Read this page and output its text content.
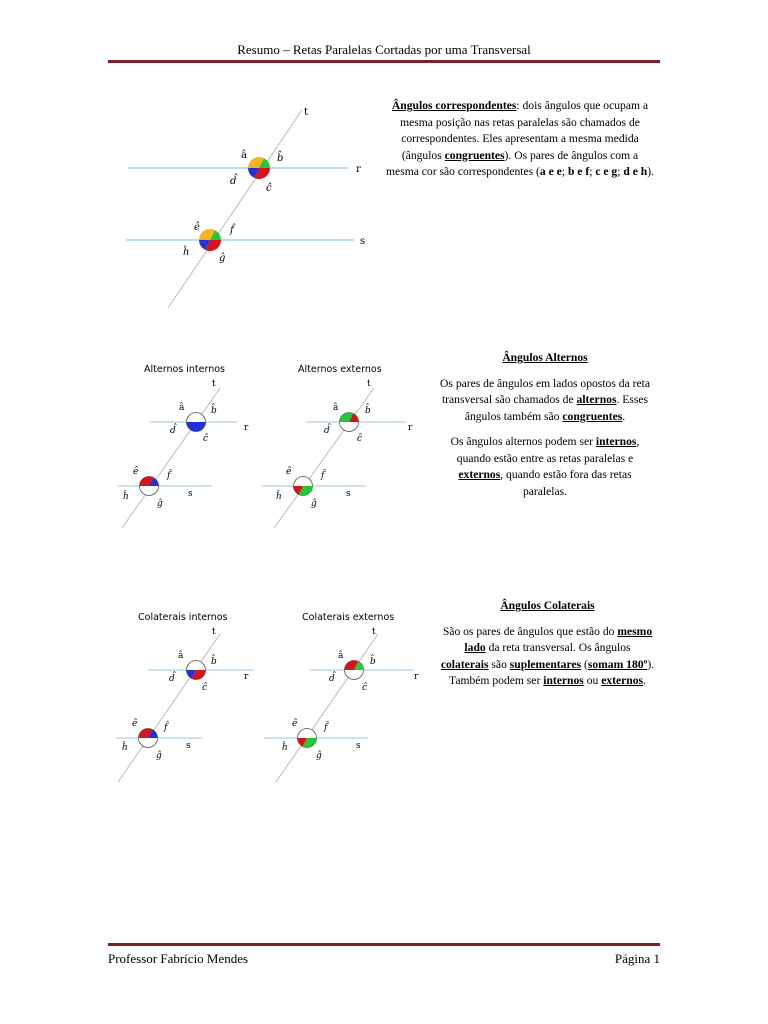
Resumo – Retas Paralelas Cortadas por uma Transversal
t
r
s
â	b̂
d̂
ĉ
ê	f̂
ĥ
ĝ

Ângulos correspondentes: dois ângulos que ocupam a mesma posição nas retas paralelas são chamados de correspondentes. Eles apresentam a mesma medida (ângulos congruentes). Os pares de ângulos com a mesma cor são correspondentes (a e e; b e f; c e g; d e h).

Alternos internos
t
r
s
â	b̂
d̂
ĉ
ê	f̂
ĥ
ĝ
Alternos externos
t
r
s
â	b̂
d̂
ĉ
ê	f̂
ĥ
ĝ

Ângulos Alternos

Os pares de ângulos em lados opostos da reta transversal são chamados de alternos. Esses ângulos também são congruentes.

Os ângulos alternos podem ser internos, quando estão entre as retas paralelas e externos, quando estão fora das retas paralelas.

Colaterais internos
t
r
s
â
b̂
d̂
ĉ
ê	f̂
ĥ
ĝ
Colaterais externos
t
r
s
â
b̂
d̂
ĉ
ê	f̂
ĥ
ĝ

Ângulos Colaterais

São os pares de ângulos que estão do mesmo lado da reta transversal. Os ângulos colaterais são suplementares (somam 180º). Também podem ser internos ou externos.

Professor Fabrício Mendes	Página 1
